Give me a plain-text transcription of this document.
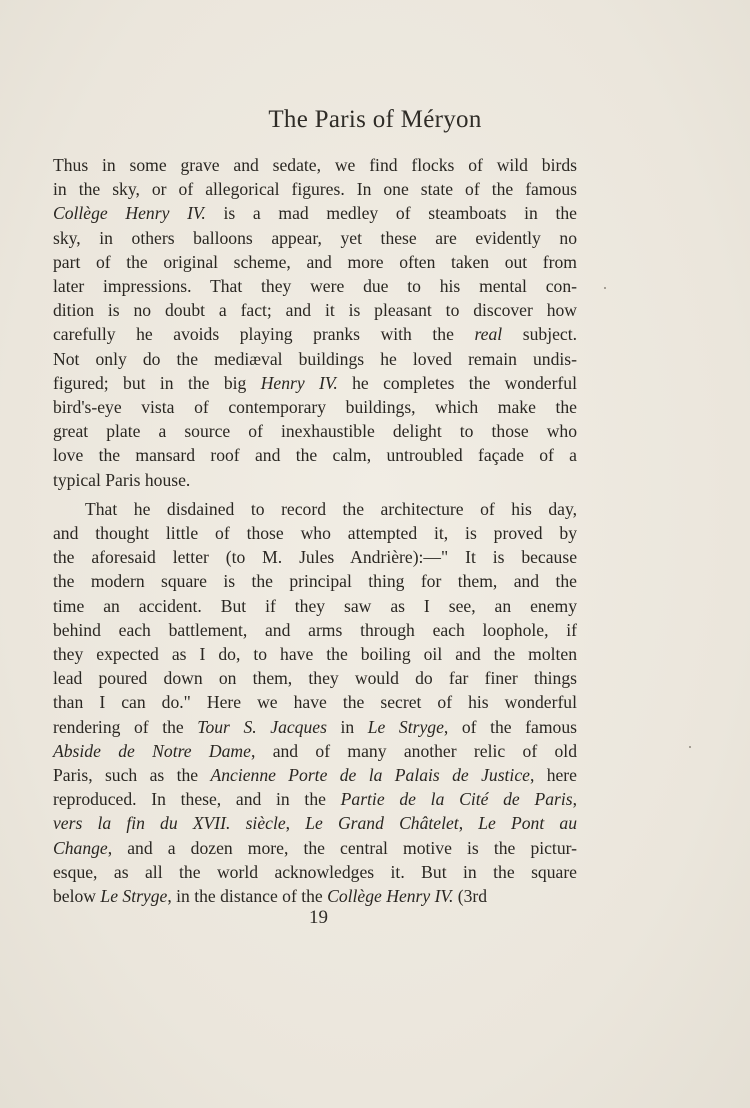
The Paris of Méryon
Thus in some grave and sedate, we find flocks of wild birds
in the sky, or of allegorical figures. In one state of the famous
Collège Henry IV. is a mad medley of steamboats in the
sky, in others balloons appear, yet these are evidently no
part of the original scheme, and more often taken out from
later impressions. That they were due to his mental con-
dition is no doubt a fact; and it is pleasant to discover how
carefully he avoids playing pranks with the real subject.
Not only do the mediæval buildings he loved remain undis-
figured; but in the big Henry IV. he completes the wonderful
bird's-eye vista of contemporary buildings, which make the
great plate a source of inexhaustible delight to those who
love the mansard roof and the calm, untroubled façade of a
typical Paris house.
That he disdained to record the architecture of his day,
and thought little of those who attempted it, is proved by
the aforesaid letter (to M. Jules Andrière):—" It is because
the modern square is the principal thing for them, and the
time an accident. But if they saw as I see, an enemy
behind each battlement, and arms through each loophole, if
they expected as I do, to have the boiling oil and the molten
lead poured down on them, they would do far finer things
than I can do." Here we have the secret of his wonderful
rendering of the Tour S. Jacques in Le Stryge, of the famous
Abside de Notre Dame, and of many another relic of old
Paris, such as the Ancienne Porte de la Palais de Justice, here
reproduced. In these, and in the Partie de la Cité de Paris,
vers la fin du XVII. siècle, Le Grand Châtelet, Le Pont au
Change, and a dozen more, the central motive is the pictur-
esque, as all the world acknowledges it. But in the square
below Le Stryge, in the distance of the Collège Henry IV. (3rd
19
